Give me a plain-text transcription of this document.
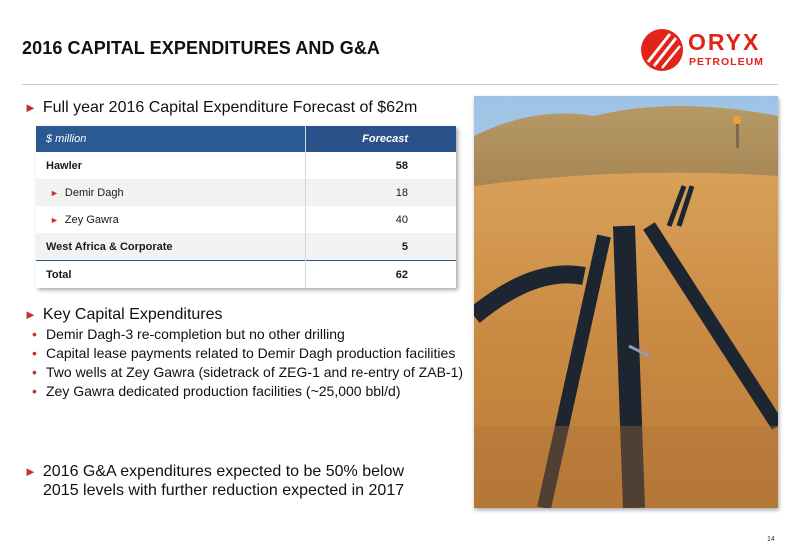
2016 CAPITAL EXPENDITURES AND G&A	ORYX
PETROLEUM
► Full year 2016 Capital Expenditure Forecast of $62m
$ million	Forecast
Hawler	58
► Demir Dagh	18
► Zey Gawra	40
West Africa & Corporate	5
Total	62
► Key Capital Expenditures
• Demir Dagh-3 re-completion but no other drilling
• Capital lease payments related to Demir Dagh production facilities
• Two wells at Zey Gawra (sidetrack of ZEG-1 and re-entry of ZAB-1)
• Zey Gawra dedicated production facilities (~25,000 bbl/d)
► 2016 G&A expenditures expected to be 50% below
2015 levels with further reduction expected in 2017
14
